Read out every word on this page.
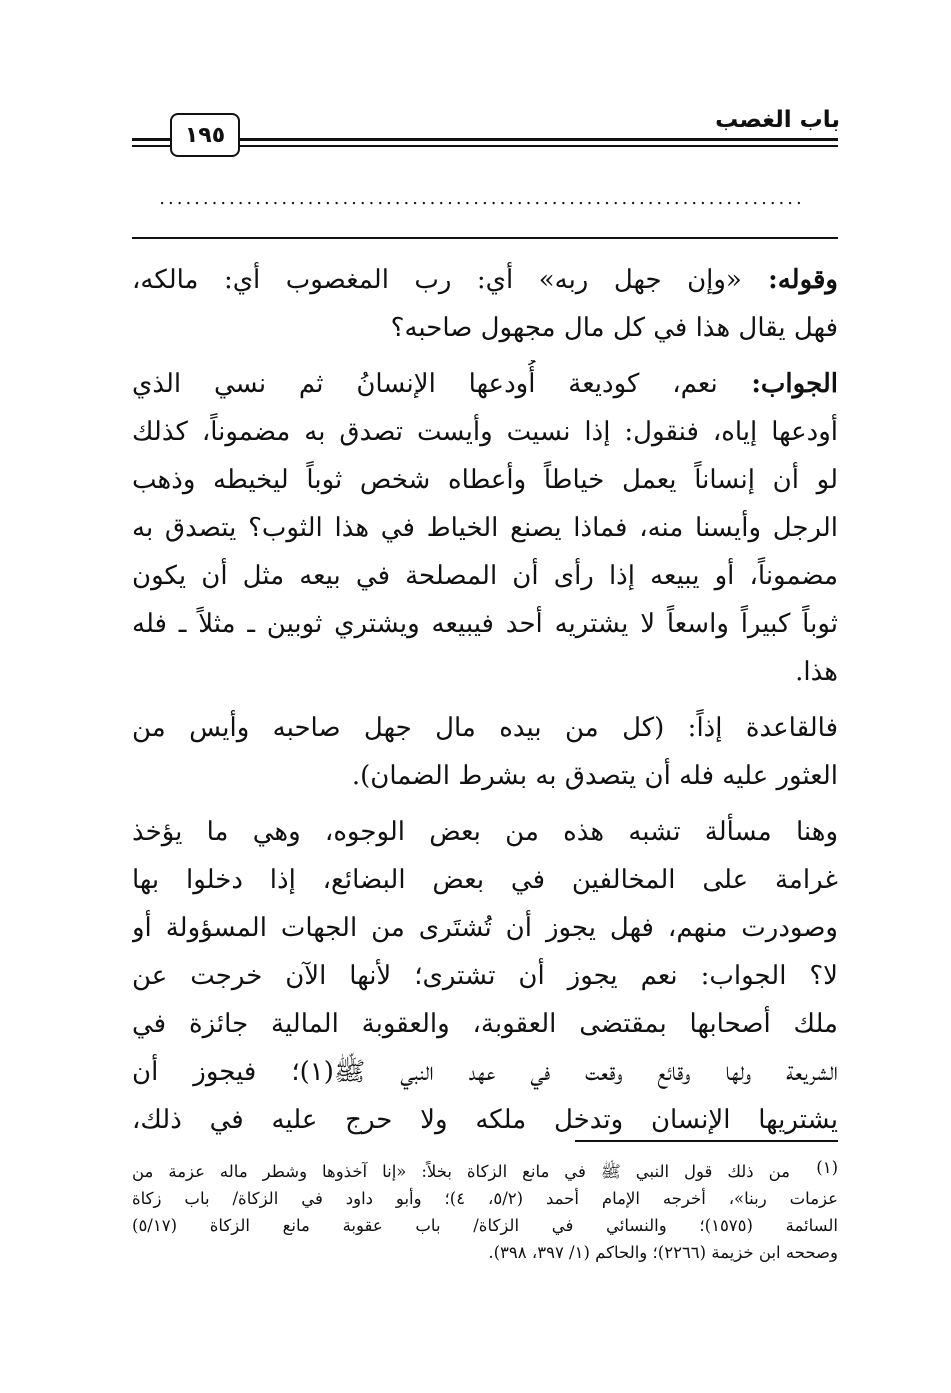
باب الغصب
١٩٥
..........................................................................
وقوله: «وإن جهل ربه» أي: رب المغصوب أي: مالكه،
فهل يقال هذا في كل مال مجهول صاحبه؟
الجواب: نعم، كوديعة أُودعها الإنسانُ ثم نسي الذي
أودعها إياه، فنقول: إذا نسيت وأيست تصدق به مضموناً، كذلك
لو أن إنساناً يعمل خياطاً وأعطاه شخص ثوباً ليخيطه وذهب
الرجل وأيسنا منه، فماذا يصنع الخياط في هذا الثوب؟ يتصدق به
مضموناً، أو يبيعه إذا رأى أن المصلحة في بيعه مثل أن يكون
ثوباً كبيراً واسعاً لا يشتريه أحد فيبيعه ويشتري ثوبين ـ مثلاً ـ فله
هذا.
فالقاعدة إذاً: (كل من بيده مال جهل صاحبه وأيس من
العثور عليه فله أن يتصدق به بشرط الضمان).
وهنا مسألة تشبه هذه من بعض الوجوه، وهي ما يؤخذ
غرامة على المخالفين في بعض البضائع، إذا دخلوا بها
وصودرت منهم، فهل يجوز أن تُشتَرى من الجهات المسؤولة أو
لا؟ الجواب: نعم يجوز أن تشترى؛ لأنها الآن خرجت عن
ملك أصحابها بمقتضى العقوبة، والعقوبة المالية جائزة في
الشريعة ولها وقائع وقعت في عهد النبي ﷺ(١)؛ فيجوز أن
يشتريها الإنسان وتدخل ملكه ولا حرج عليه في ذلك،
(١)
من ذلك قول النبي ﷺ في مانع الزكاة بخلاً: «إنا آخذوها وشطر ماله عزمة من
عزمات ربنا»، أخرجه الإمام أحمد (٥/٢، ٤)؛ وأبو داود في الزكاة/ باب زكاة
السائمة (١٥٧٥)؛ والنسائي في الزكاة/ باب عقوبة مانع الزكاة (٥/١٧)
وصححه ابن خزيمة (٢٢٦٦)؛ والحاكم (١/ ٣٩٧، ٣٩٨).
